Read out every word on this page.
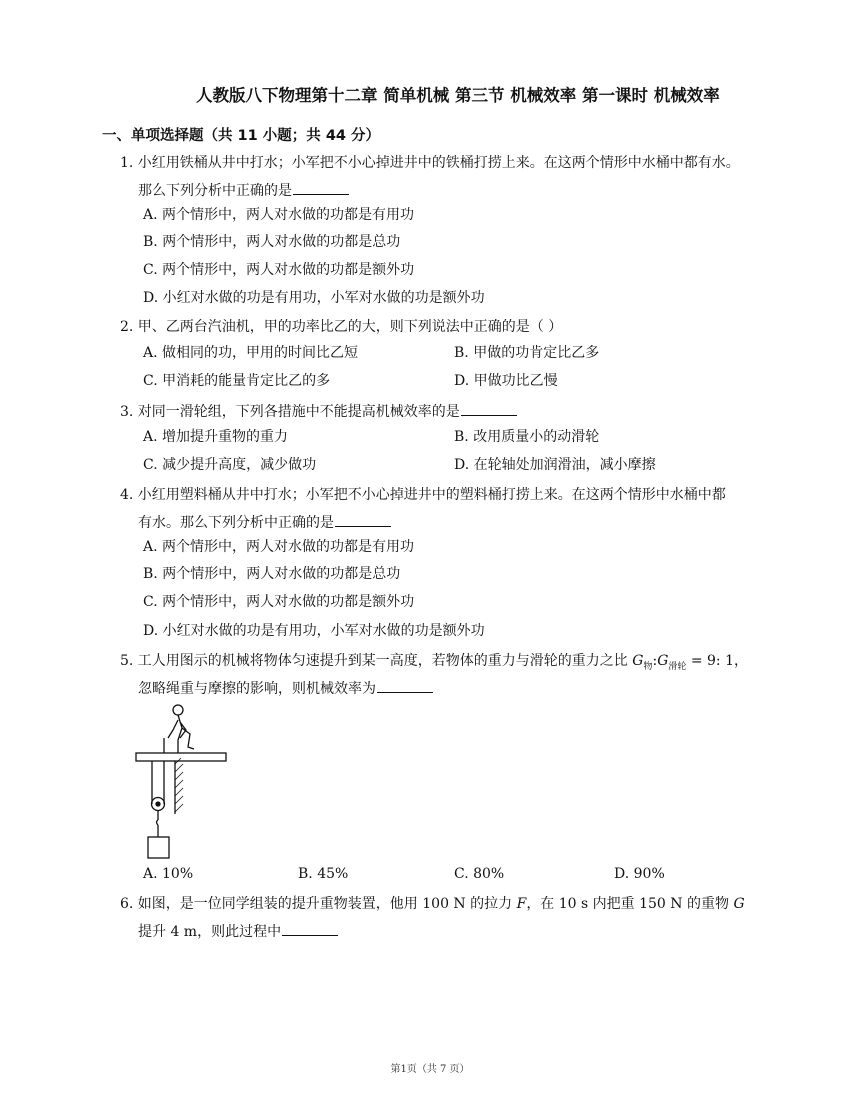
人教版八下物理第十二章 简单机械 第三节 机械效率 第一课时 机械效率
一、单项选择题（共 11 小题；共 44 分）
1. 小红用铁桶从井中打水；小军把不小心掉进井中的铁桶打捞上来。在这两个情形中水桶中都有水。
那么下列分析中正确的是
A. 两个情形中，两人对水做的功都是有用功
B. 两个情形中，两人对水做的功都是总功
C. 两个情形中，两人对水做的功都是额外功
D. 小红对水做的功是有用功，小军对水做的功是额外功
2. 甲、乙两台汽油机，甲的功率比乙的大，则下列说法中正确的是（ ）
A. 做相同的功，甲用的时间比乙短	B. 甲做的功肯定比乙多
C. 甲消耗的能量肯定比乙的多	D. 甲做功比乙慢
3. 对同一滑轮组，下列各措施中不能提高机械效率的是
A. 增加提升重物的重力	B. 改用质量小的动滑轮
C. 减少提升高度，减少做功	D. 在轮轴处加润滑油，减小摩擦
4. 小红用塑料桶从井中打水；小军把不小心掉进井中的塑料桶打捞上来。在这两个情形中水桶中都
有水。那么下列分析中正确的是
A. 两个情形中，两人对水做的功都是有用功
B. 两个情形中，两人对水做的功都是总功
C. 两个情形中，两人对水做的功都是额外功
D. 小红对水做的功是有用功，小军对水做的功是额外功
5. 工人用图示的机械将物体匀速提升到某一高度，若物体的重力与滑轮的重力之比 $G_物:G_{滑轮} = 9$: 1，
忽略绳重与摩擦的影响，则机械效率为
A. 10%	B. 45%	C. 80%	D. 90%
6. 如图，是一位同学组装的提升重物装置，他用 100 N 的拉力 F，在 10 s 内把重 150 N 的重物 G
提升 4 m，则此过程中
第1页（共 7 页）
